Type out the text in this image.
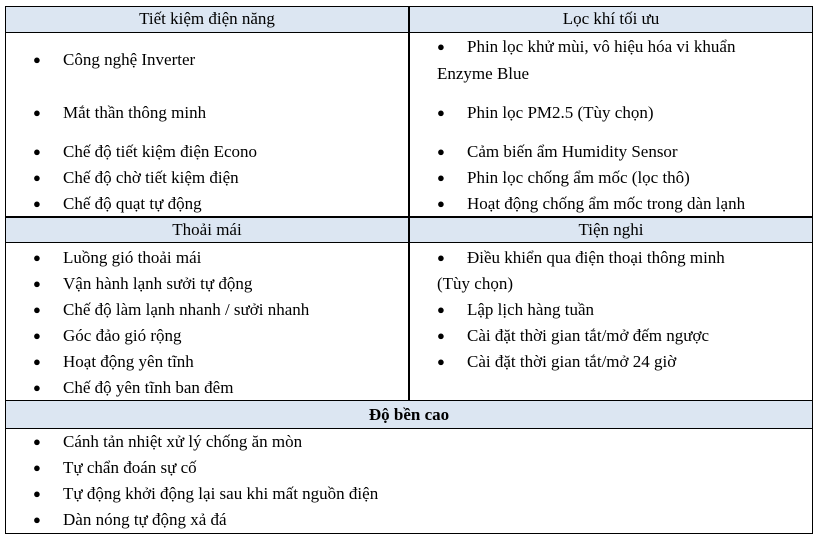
Tiết kiệm điện năng	Lọc khí tối ưu
Thoải mái	Tiện nghi
Độ bền cao
● Công nghệ Inverter
● Mắt thần thông minh
● Chế độ tiết kiệm điện Econo
● Chế độ chờ tiết kiệm điện
● Chế độ quạt tự động
● Phin lọc khử mùi, vô hiệu hóa vi khuẩn
Enzyme Blue
● Phin lọc PM2.5 (Tùy chọn)
● Cảm biến ẩm Humidity Sensor
● Phin lọc chống ẩm mốc (lọc thô)
● Hoạt động chống ẩm mốc trong dàn lạnh
● Luồng gió thoải mái
● Vận hành lạnh sưởi tự động
● Chế độ làm lạnh nhanh / sưởi nhanh
● Góc đảo gió rộng
● Hoạt động yên tĩnh
● Chế độ yên tĩnh ban đêm
● Điều khiển qua điện thoại thông minh
(Tùy chọn)
● Lập lịch hàng tuần
● Cài đặt thời gian tắt/mở đếm ngược
● Cài đặt thời gian tắt/mở 24 giờ
● Cánh tản nhiệt xử lý chống ăn mòn
● Tự chẩn đoán sự cố
● Tự động khởi động lại sau khi mất nguồn điện
● Dàn nóng tự động xả đá
